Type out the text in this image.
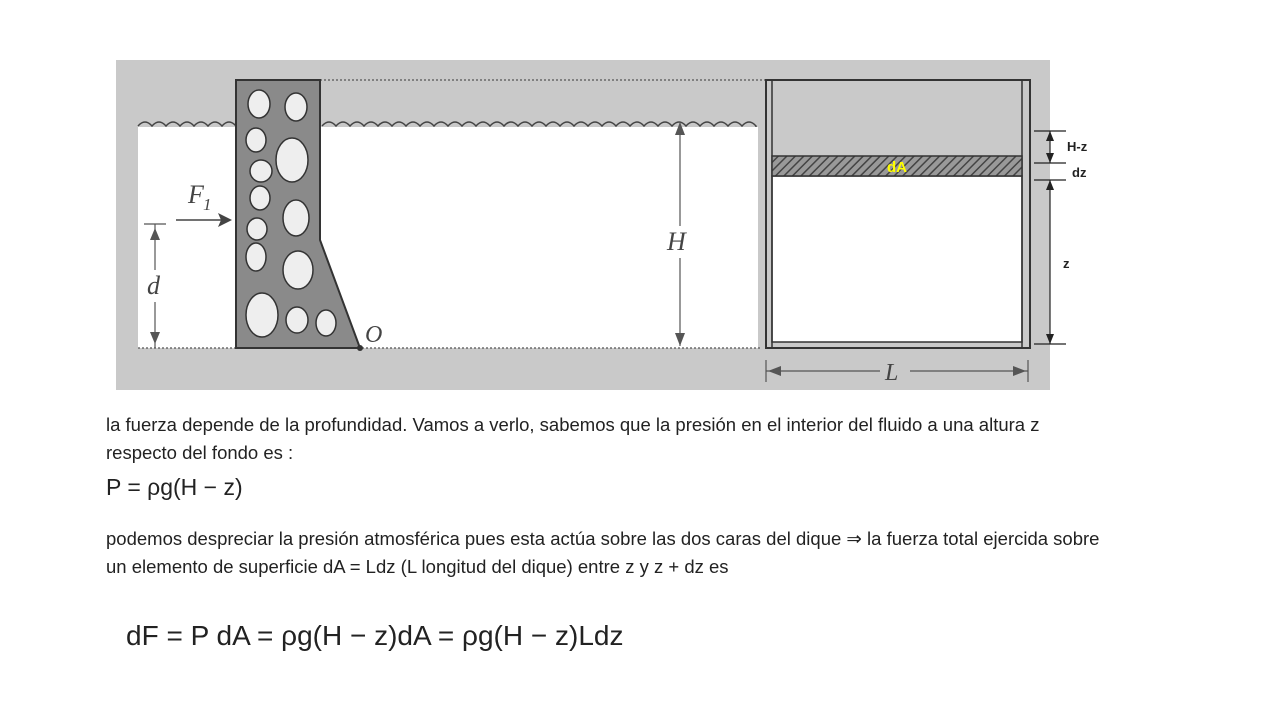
O
F 1
d
H
dA
L
H-z
dz
z

la fuerza depende de la profundidad. Vamos a verlo, sabemos que la presión en el interior del fluido a una altura z respecto del fondo es :

P = ρg(H − z)

podemos despreciar la presión atmosférica pues esta actúa sobre las dos caras del dique ⇒ la fuerza total ejercida sobre un elemento de superficie dA = Ldz (L longitud del dique) entre z y z + dz es

dF = P dA = ρg(H − z)dA = ρg(H − z)Ldz
